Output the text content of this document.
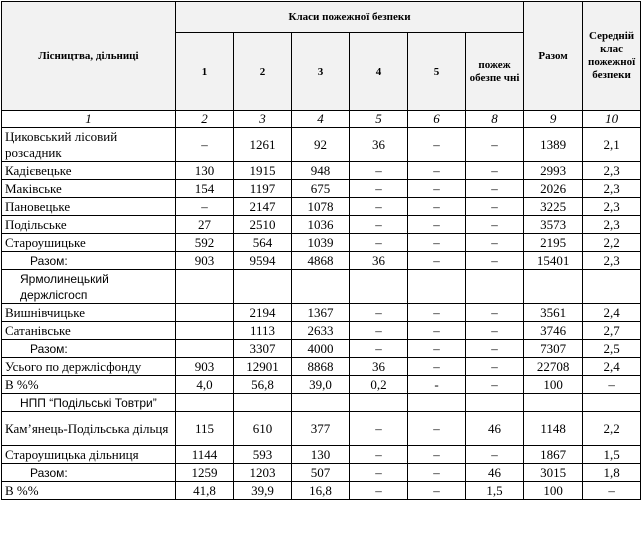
Лісництва, дільниці	Класи пожежної безпеки						Разом	Середній клас пожежної безпеки
	1	2	3	4	5	пожеж обезпе чні		
1	2	3	4	5	6	8	9	10
Циковський лісовий розсадник	–	1261	92	36	–	–	1389	2,1
Кадієвецьке	130	1915	948	–	–	–	2993	2,3
Маківське	154	1197	675	–	–	–	2026	2,3
Пановецьке	–	2147	1078	–	–	–	3225	2,3
Подільське	27	2510	1036	–	–	–	3573	2,3
Староушицьке	592	564	1039	–	–	–	2195	2,2
Разом:	903	9594	4868	36	–	–	15401	2,3
Ярмолинецький держлісгосп								
Вишнівчицьке		2194	1367	–	–	–	3561	2,4
Сатанівське		1113	2633	–	–	–	3746	2,7
Разом:		3307	4000	–	–	–	7307	2,5
Усього по держлісфонду	903	12901	8868	36	–	–	22708	2,4
В %%	4,0	56,8	39,0	0,2	-	–	100	–
НПП “Подільські Товтри”								
Кам’янець-Подільська дільця	115	610	377	–	–	46	1148	2,2
Староушицька дільниця	1144	593	130	–	–	–	1867	1,5
Разом:	1259	1203	507	–	–	46	3015	1,8
В %%	41,8	39,9	16,8	–	–	1,5	100	–
